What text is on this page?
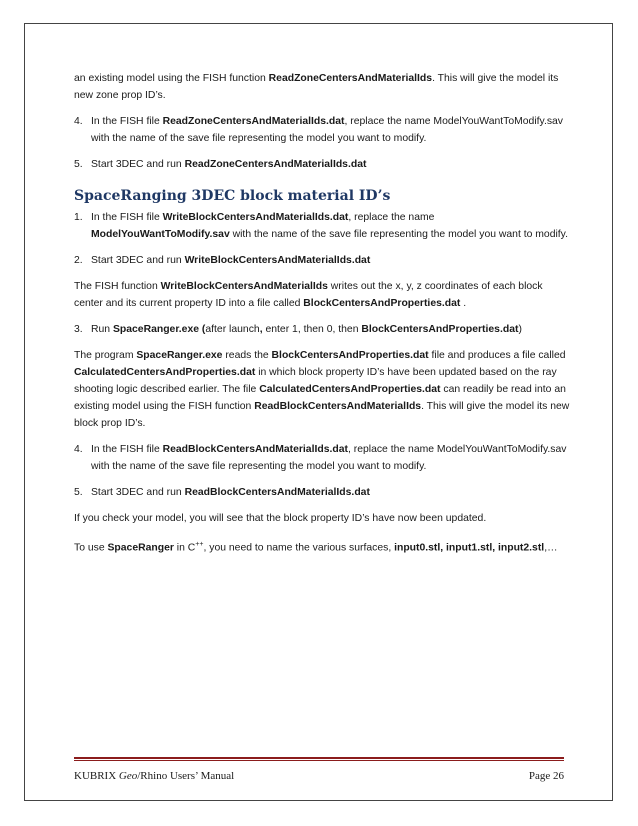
an existing model using the FISH function ReadZoneCentersAndMaterialIds. This will give the model its new zone prop ID’s.

4. In the FISH file ReadZoneCentersAndMaterialIds.dat, replace the name ModelYouWantToModify.sav with the name of the save file representing the model you want to modify.
5. Start 3DEC and run ReadZoneCentersAndMaterialIds.dat
SpaceRanging 3DEC block material ID’s
1. In the FISH file WriteBlockCentersAndMaterialIds.dat, replace the name ModelYouWantToModify.sav with the name of the save file representing the model you want to modify.
2. Start 3DEC and run WriteBlockCentersAndMaterialIds.dat

The FISH function WriteBlockCentersAndMaterialIds writes out the x, y, z coordinates of each block center and its current property ID into a file called BlockCentersAndProperties.dat .

3. Run SpaceRanger.exe (after launch, enter 1, then 0, then BlockCentersAndProperties.dat)

The program SpaceRanger.exe reads the BlockCentersAndProperties.dat file and produces a file called CalculatedCentersAndProperties.dat in which block property ID’s have been updated based on the ray shooting logic described earlier. The file CalculatedCentersAndProperties.dat can readily be read into an existing model using the FISH function ReadBlockCentersAndMaterialIds. This will give the model its new block prop ID’s.

4. In the FISH file ReadBlockCentersAndMaterialIds.dat, replace the name ModelYouWantToModify.sav with the name of the save file representing the model you want to modify.
5. Start 3DEC and run ReadBlockCentersAndMaterialIds.dat

If you check your model, you will see that the block property ID’s have now been updated.

To use SpaceRanger in C++, you need to name the various surfaces, input0.stl, input1.stl, input2.stl,…

KUBRIX Geo/Rhino Users’ Manual	Page 26
